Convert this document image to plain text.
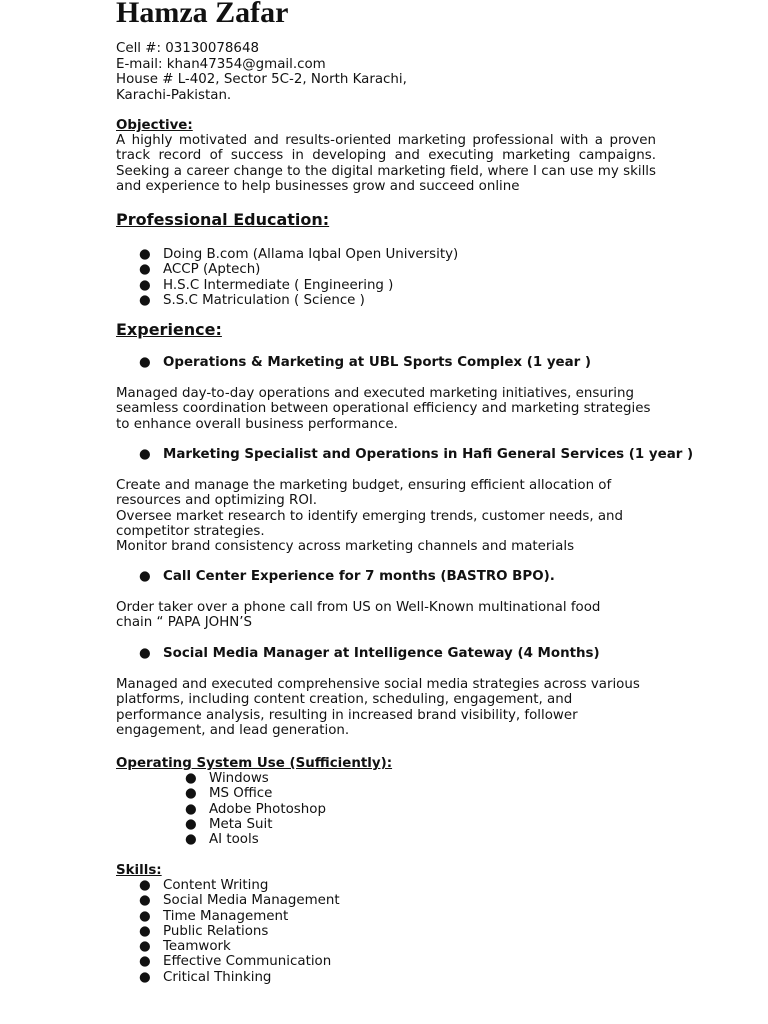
Hamza Zafar

Cell #: 03130078648

E-mail: khan47354@gmail.com

House # L-402, Sector 5C-2, North Karachi,

Karachi-Pakistan.

Objective:

A highly motivated and results-oriented marketing professional with a proven track record of success in developing and executing marketing campaigns. Seeking a career change to the digital marketing field, where I can use my skills and experience to help businesses grow and succeed online

Professional Education:

● Doing B.com (Allama Iqbal Open University)
● ACCP (Aptech)
● H.S.C Intermediate ( Engineering )
● S.S.C Matriculation ( Science )

Experience:

● Operations & Marketing at UBL Sports Complex (1 year )

Managed day-to-day operations and executed marketing initiatives, ensuring seamless coordination between operational efficiency and marketing strategies to enhance overall business performance.

● Marketing Specialist and Operations in Hafi General Services (1 year )

Create and manage the marketing budget, ensuring efficient allocation of resources and optimizing ROI.
Oversee market research to identify emerging trends, customer needs, and competitor strategies.
Monitor brand consistency across marketing channels and materials

● Call Center Experience for 7 months (BASTRO BPO).

Order taker over a phone call from US on Well-Known multinational food chain “ PAPA JOHN’S

● Social Media Manager at Intelligence Gateway (4 Months)

Managed and executed comprehensive social media strategies across various platforms, including content creation, scheduling, engagement, and performance analysis, resulting in increased brand visibility, follower engagement, and lead generation.

Operating System Use (Sufficiently):

● Windows
● MS Office
● Adobe Photoshop
● Meta Suit
● AI tools

Skills:

● Content Writing
● Social Media Management
● Time Management
● Public Relations
● Teamwork
● Effective Communication
● Critical Thinking
